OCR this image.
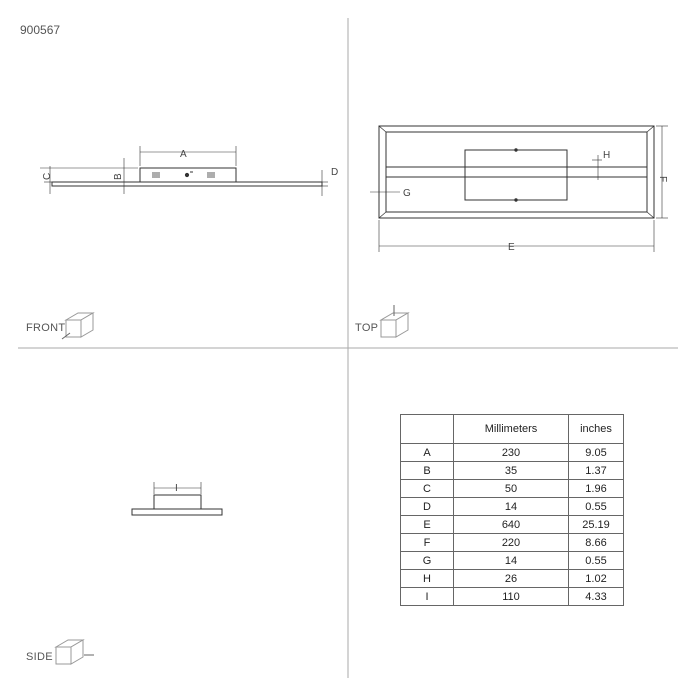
900567
A
B
C	D
E
F
G
H
I
FRONT	TOP
SIDE
	Millimeters	inches
A	230	9.05
B	35	1.37
C	50	1.96
D	14	0.55
E	640	25.19
F	220	8.66
G	14	0.55
H	26	1.02
I	110	4.33
